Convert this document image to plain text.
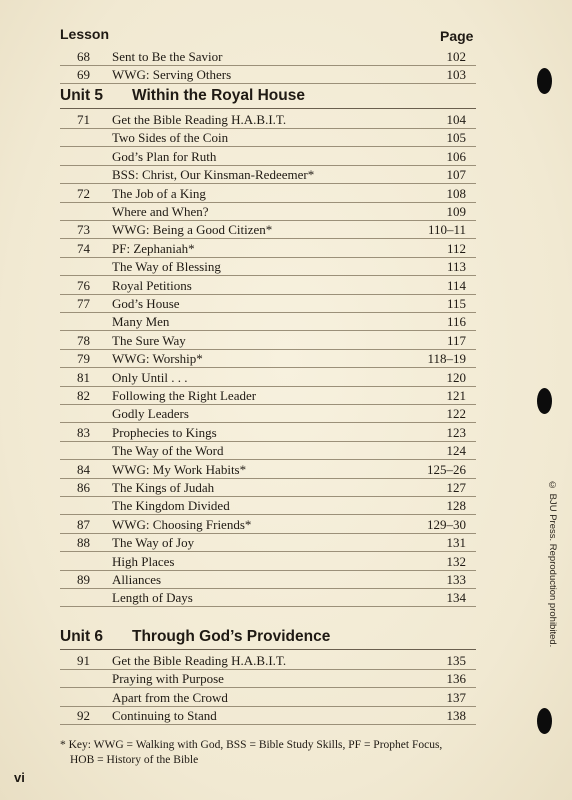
Lesson	Page
68 Sent to Be the Savior	102
69 WWG: Serving Others	103
Unit 5 Within the Royal House
71 Get the Bible Reading H.A.B.I.T.	104
Two Sides of the Coin	105
God’s Plan for Ruth	106
BSS: Christ, Our Kinsman-Redeemer*	107
72 The Job of a King	108
Where and When?	109
73 WWG: Being a Good Citizen*	110–11
74 PF: Zephaniah*	112
The Way of Blessing	113
76 Royal Petitions	114
77 God’s House	115
Many Men	116
78 The Sure Way	117
79 WWG: Worship*	118–19
81 Only Until . . .	120
82 Following the Right Leader	121
Godly Leaders	122
83 Prophecies to Kings	123
The Way of the Word	124
84 WWG: My Work Habits*	125–26
86 The Kings of Judah	127
The Kingdom Divided	128
87 WWG: Choosing Friends*	129–30
88 The Way of Joy	131
High Places	132
89 Alliances	133
Length of Days	134
Unit 6 Through God’s Providence
91 Get the Bible Reading H.A.B.I.T.	135
Praying with Purpose	136
Apart from the Crowd	137
92 Continuing to Stand	138
© BJU Press. Reproduction prohibited.
* Key: WWG = Walking with God, BSS = Bible Study Skills, PF = Prophet Focus,
HOB = History of the Bible
vi
